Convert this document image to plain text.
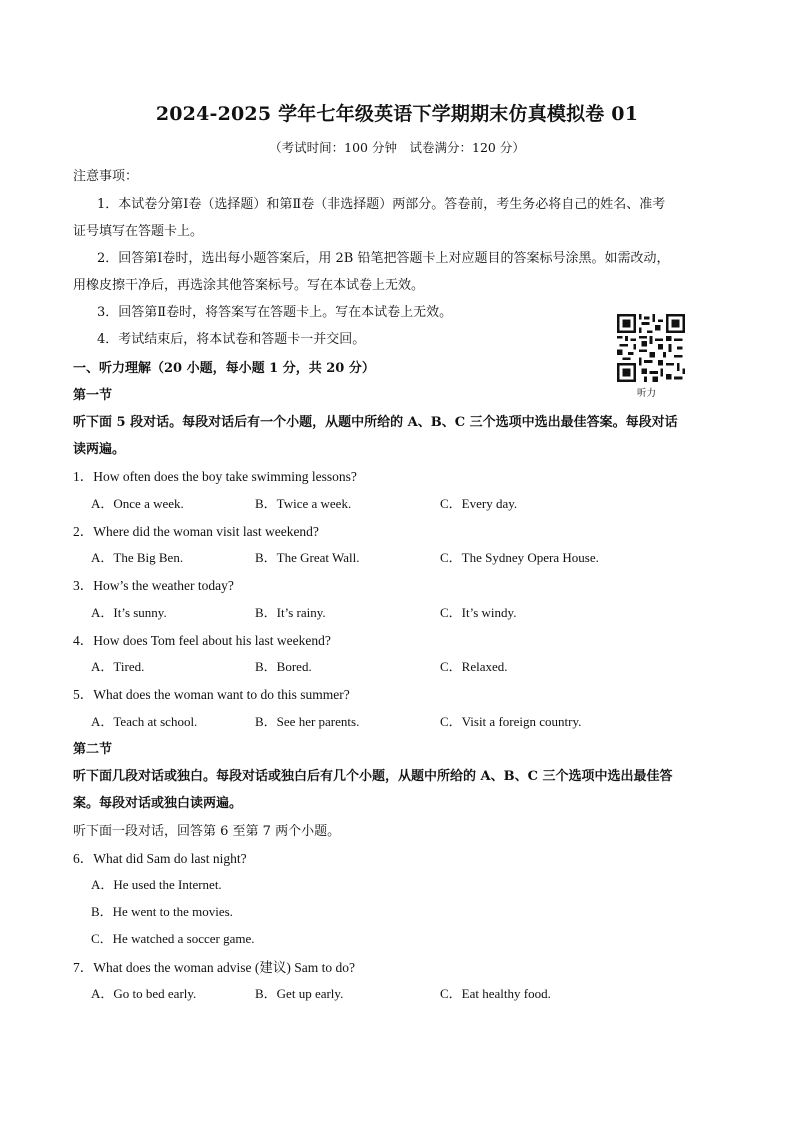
2024-2025 学年七年级英语下学期期末仿真模拟卷 01
（考试时间：100 分钟　试卷满分：120 分）
注意事项：
1．本试卷分第Ⅰ卷（选择题）和第Ⅱ卷（非选择题）两部分。答卷前，考生务必将自己的姓名、准考
证号填写在答题卡上。
2．回答第Ⅰ卷时，选出每小题答案后，用 2B 铅笔把答题卡上对应题目的答案标号涂黑。如需改动，
用橡皮擦干净后，再选涂其他答案标号。写在本试卷上无效。
3．回答第Ⅱ卷时，将答案写在答题卡上。写在本试卷上无效。
4．考试结束后，将本试卷和答题卡一并交回。
听力
一、听力理解（20 小题，每小题 1 分，共 20 分）
第一节
听下面 5 段对话。每段对话后有一个小题，从题中所给的 A、B、C 三个选项中选出最佳答案。每段对话
读两遍。
1．How often does the boy take swimming lessons?
A．Once a week.	B．Twice a week.	C．Every day.
2．Where did the woman visit last weekend?
A．The Big Ben.	B．The Great Wall.	C．The Sydney Opera House.
3．How’s the weather today?
A．It’s sunny.	B．It’s rainy.	C．It’s windy.
4．How does Tom feel about his last weekend?
A．Tired.	B．Bored.	C．Relaxed.
5．What does the woman want to do this summer?
A．Teach at school.	B．See her parents.	C．Visit a foreign country.
第二节
听下面几段对话或独白。每段对话或独白后有几个小题，从题中所给的 A、B、C 三个选项中选出最佳答
案。每段对话或独白读两遍。
听下面一段对话，回答第 6 至第 7 两个小题。
6．What did Sam do last night?
A．He used the Internet.
B．He went to the movies.
C．He watched a soccer game.
7．What does the woman advise (建议) Sam to do?
A．Go to bed early.	B．Get up early.	C．Eat healthy food.
